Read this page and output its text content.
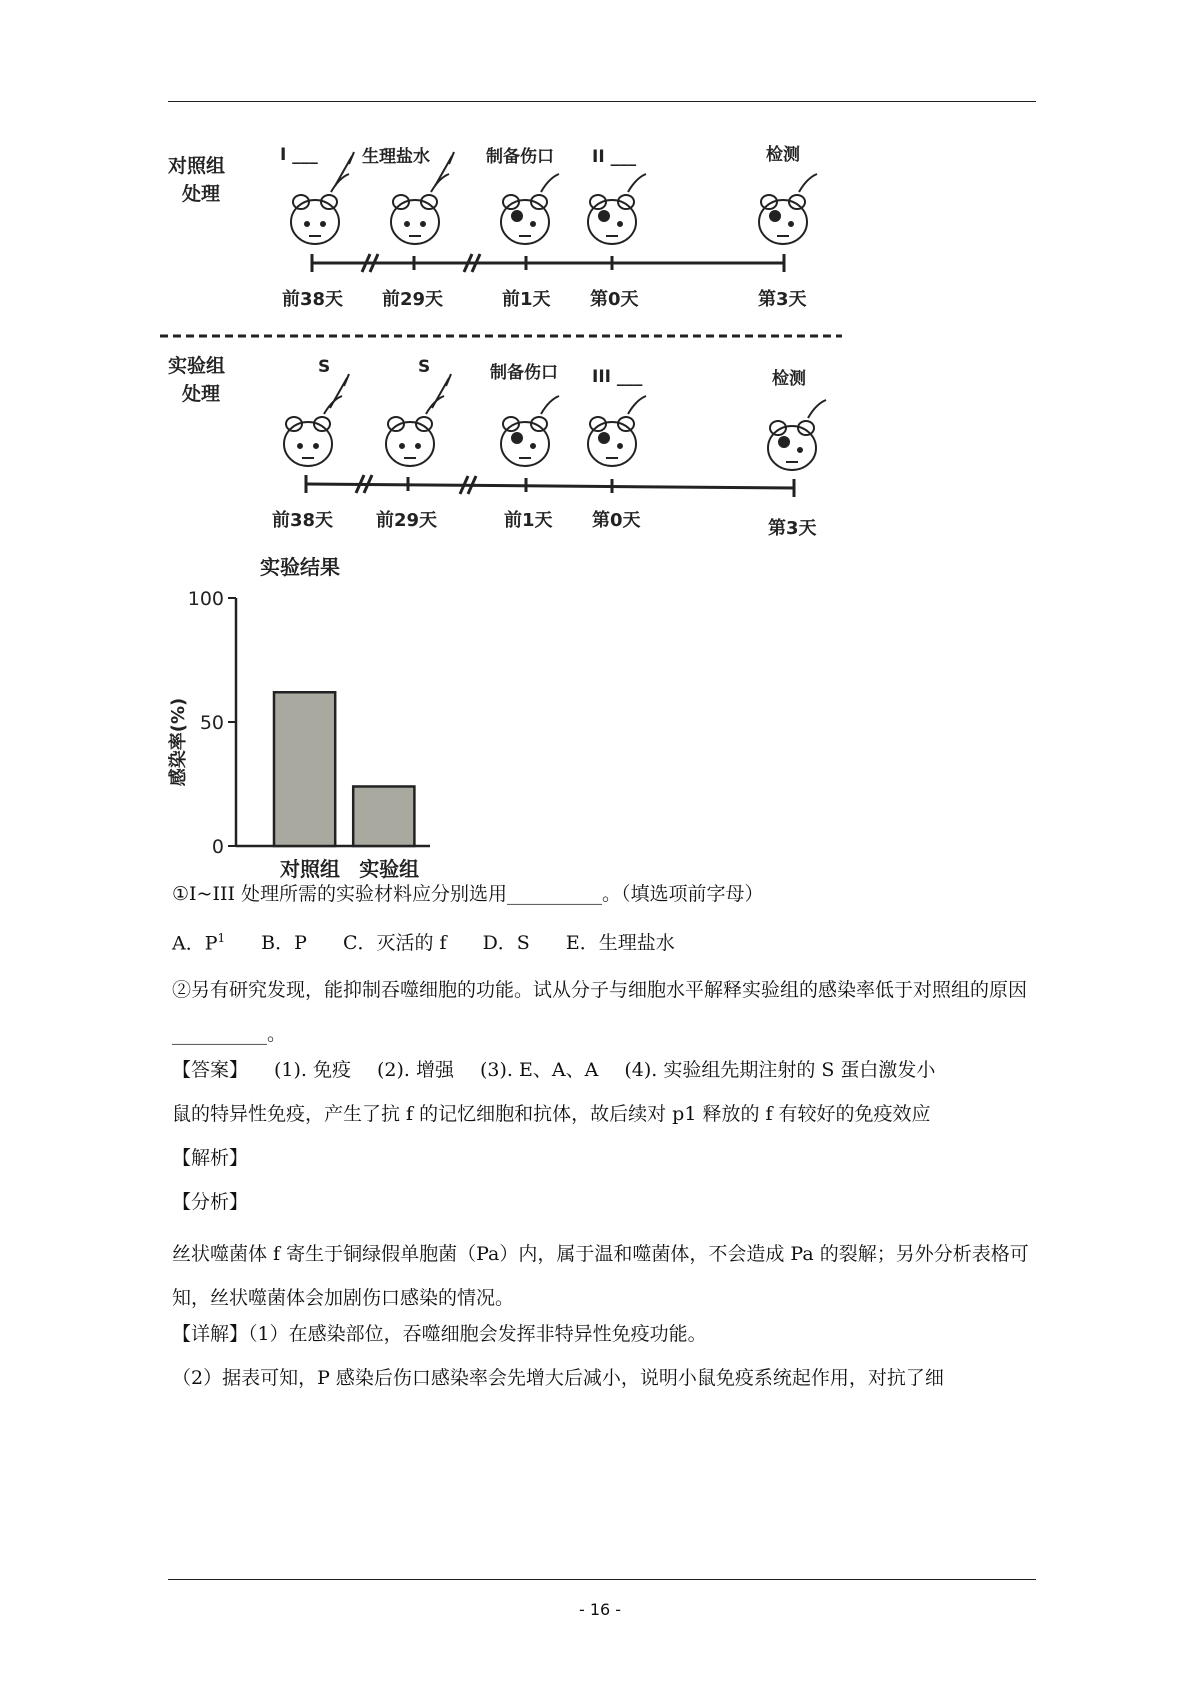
对照组
处理
I ___	生理盐水	制备伤口 II ___	检测
前38天 前29天	前1天 第0天	第3天
实验组
处理
S	S	制备伤口 III ___	检测
前38天 前29天	前1天 第0天	第3天
实验结果
0
50
100
对照组 实验组
感染率(%)
①I~III 处理所需的实验材料应分别选用__________。（填选项前字母）
A．$P^1$ B．P C．灭活的 f D．S E．生理盐水
②另有研究发现，能抑制吞噬细胞的功能。试从分子与细胞水平解释实验组的感染率低于对照组的原因__________。
【答案】 (1). 免疫 (2). 增强 (3). E、A、A (4). 实验组先期注射的 S 蛋白激发小
鼠的特异性免疫，产生了抗 f 的记忆细胞和抗体，故后续对 p1 释放的 f 有较好的免疫效应
【解析】
【分析】
丝状噬菌体 f 寄生于铜绿假单胞菌（Pa）内，属于温和噬菌体，不会造成 Pa 的裂解；另外分析表格可知，丝状噬菌体会加剧伤口感染的情况。
【详解】（1）在感染部位，吞噬细胞会发挥非特异性免疫功能。
（2）据表可知，P 感染后伤口感染率会先增大后减小，说明小鼠免疫系统起作用，对抗了细
- 16 -
